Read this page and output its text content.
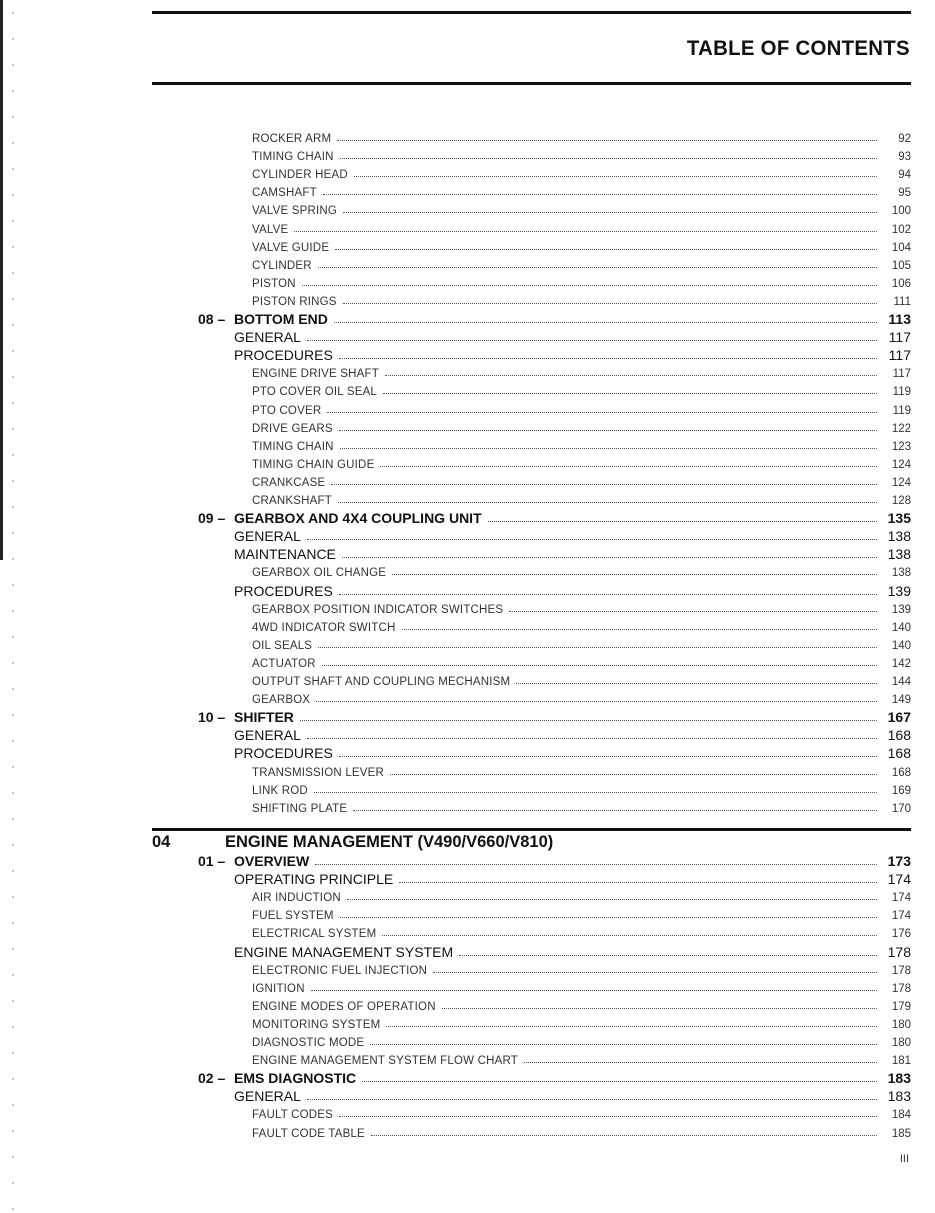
TABLE OF CONTENTS
ROCKER ARM	92
TIMING CHAIN	93
CYLINDER HEAD	94
CAMSHAFT	95
VALVE SPRING	100
VALVE	102
VALVE GUIDE	104
CYLINDER	105
PISTON	106
PISTON RINGS	111
08 – BOTTOM END	113
GENERAL	117
PROCEDURES	117
ENGINE DRIVE SHAFT	117
PTO COVER OIL SEAL	119
PTO COVER	119
DRIVE GEARS	122
TIMING CHAIN	123
TIMING CHAIN GUIDE	124
CRANKCASE	124
CRANKSHAFT	128
09 – GEARBOX AND 4X4 COUPLING UNIT	135
GENERAL	138
MAINTENANCE	138
GEARBOX OIL CHANGE	138
PROCEDURES	139
GEARBOX POSITION INDICATOR SWITCHES	139
4WD INDICATOR SWITCH	140
OIL SEALS	140
ACTUATOR	142
OUTPUT SHAFT AND COUPLING MECHANISM	144
GEARBOX	149
10 – SHIFTER	167
GENERAL	168
PROCEDURES	168
TRANSMISSION LEVER	168
LINK ROD	169
SHIFTING PLATE	170
04	ENGINE MANAGEMENT (V490/V660/V810)
01 – OVERVIEW	173
OPERATING PRINCIPLE	174
AIR INDUCTION	174
FUEL SYSTEM	174
ELECTRICAL SYSTEM	176
ENGINE MANAGEMENT SYSTEM	178
ELECTRONIC FUEL INJECTION	178
IGNITION	178
ENGINE MODES OF OPERATION	179
MONITORING SYSTEM	180
DIAGNOSTIC MODE	180
ENGINE MANAGEMENT SYSTEM FLOW CHART	181
02 – EMS DIAGNOSTIC	183
GENERAL	183
FAULT CODES	184
FAULT CODE TABLE	185
III
